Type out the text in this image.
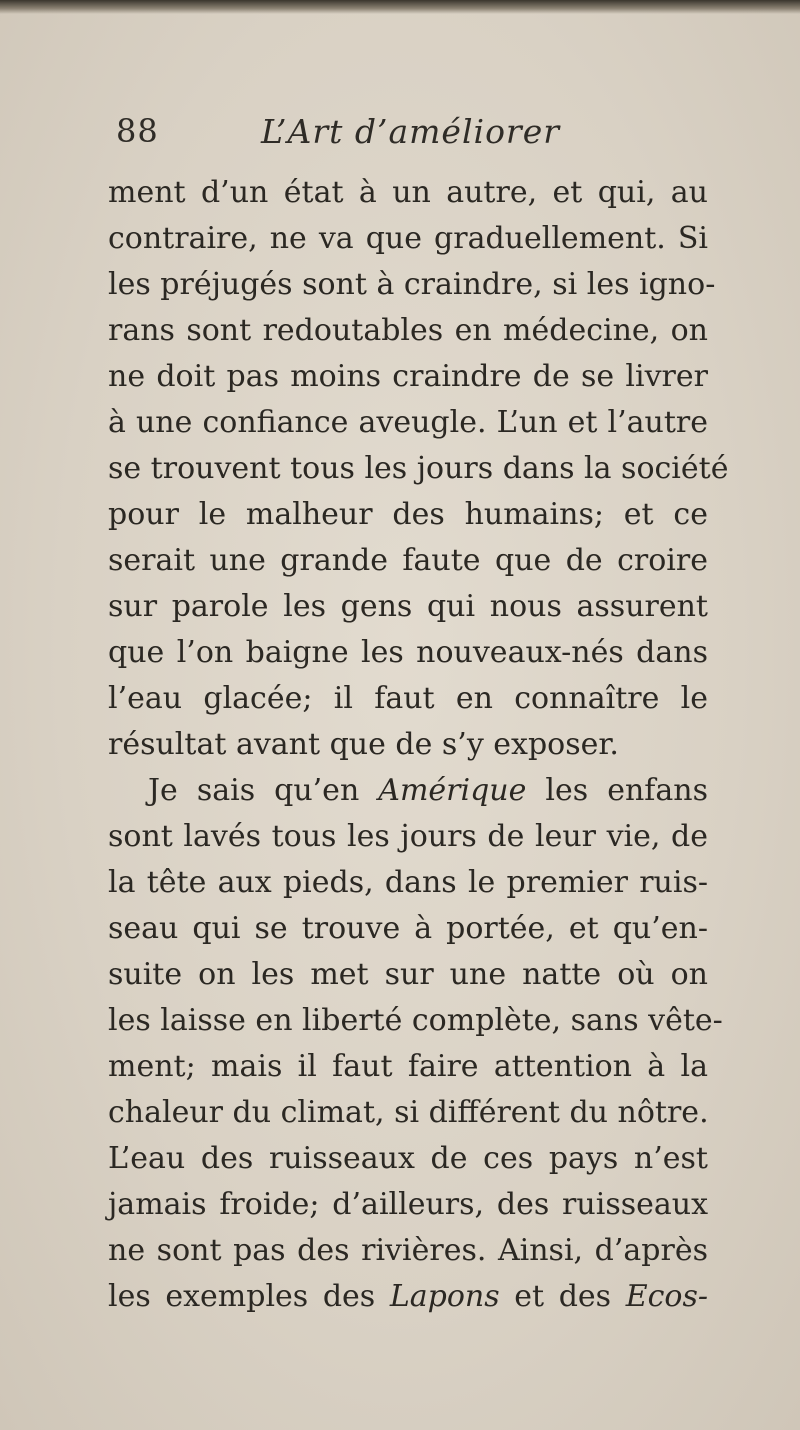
88	L’Art d’améliorer
ment d’un état à un autre, et qui, au
contraire, ne va que graduellement. Si
les préjugés sont à craindre, si les igno-
rans sont redoutables en médecine, on
ne doit pas moins craindre de se livrer
à une confiance aveugle. L’un et l’autre
se trouvent tous les jours dans la société
pour le malheur des humains; et ce
serait une grande faute que de croire
sur parole les gens qui nous assurent
que l’on baigne les nouveaux-nés dans
l’eau glacée; il faut en connaître le
résultat avant que de s’y exposer.
Je sais qu’en Amérique les enfans
sont lavés tous les jours de leur vie, de
la tête aux pieds, dans le premier ruis-
seau qui se trouve à portée, et qu’en-
suite on les met sur une natte où on
les laisse en liberté complète, sans vête-
ment; mais il faut faire attention à la
chaleur du climat, si différent du nôtre.
L’eau des ruisseaux de ces pays n’est
jamais froide; d’ailleurs, des ruisseaux
ne sont pas des rivières. Ainsi, d’après
les exemples des Lapons et des Ecos-
